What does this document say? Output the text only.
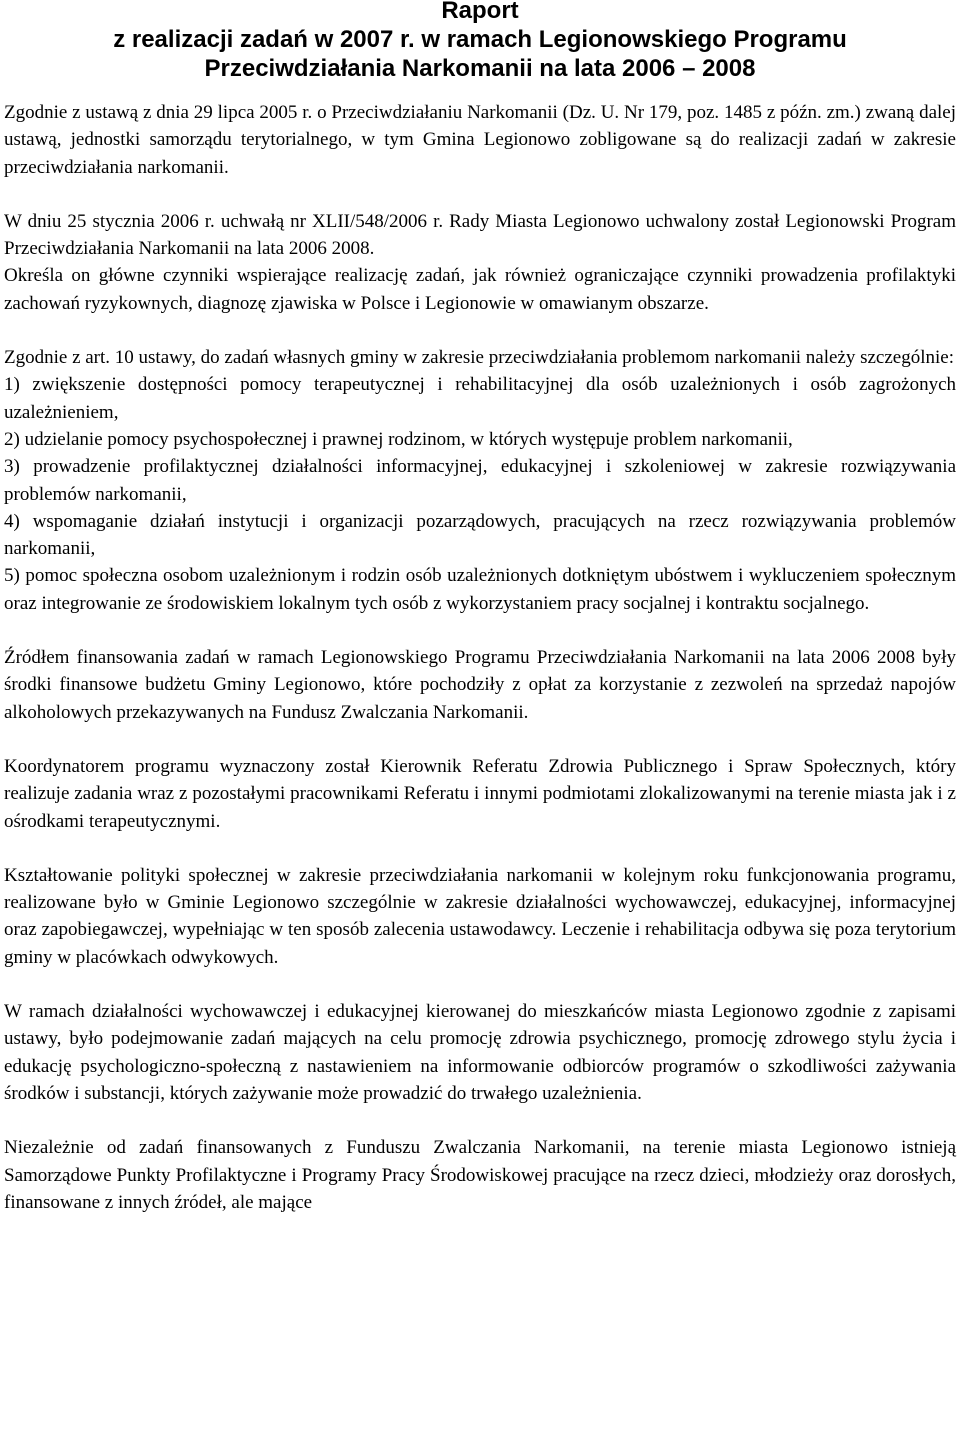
Raport
z realizacji zadań w 2007 r. w ramach Legionowskiego Programu
Przeciwdziałania Narkomanii na lata 2006 – 2008

Zgodnie z ustawą z dnia 29 lipca 2005 r. o Przeciwdziałaniu Narkomanii (Dz. U. Nr 179, poz. 1485 z późn. zm.) zwaną dalej ustawą, jednostki samorządu terytorialnego, w tym Gmina Legionowo zobligowane są do realizacji zadań w zakresie przeciwdziałania narkomanii.

W dniu 25 stycznia 2006 r. uchwałą nr XLII/548/2006 r. Rady Miasta Legionowo uchwalony został Legionowski Program Przeciwdziałania Narkomanii na lata 2006 2008.

Określa on główne czynniki wspierające realizację zadań, jak również ograniczające czynniki prowadzenia profilaktyki zachowań ryzykownych, diagnozę zjawiska w Polsce i Legionowie w omawianym obszarze.

Zgodnie z art. 10 ustawy, do zadań własnych gminy w zakresie przeciwdziałania problemom narkomanii należy szczególnie:
1) zwiększenie dostępności pomocy terapeutycznej i rehabilitacyjnej dla osób uzależnionych i osób zagrożonych uzależnieniem,
2) udzielanie pomocy psychospołecznej i prawnej rodzinom, w których występuje problem narkomanii,
3) prowadzenie profilaktycznej działalności informacyjnej, edukacyjnej i szkoleniowej w zakresie rozwiązywania problemów narkomanii,
4) wspomaganie działań instytucji i organizacji pozarządowych, pracujących na rzecz rozwiązywania problemów narkomanii,
5) pomoc społeczna osobom uzależnionym i rodzin osób uzależnionych dotkniętym ubóstwem i wykluczeniem społecznym oraz integrowanie ze środowiskiem lokalnym tych osób z wykorzystaniem pracy socjalnej i kontraktu socjalnego.

Źródłem finansowania zadań w ramach Legionowskiego Programu Przeciwdziałania Narkomanii na lata 2006 2008 były środki finansowe budżetu Gminy Legionowo, które pochodziły z opłat za korzystanie z zezwoleń na sprzedaż napojów alkoholowych przekazywanych na Fundusz Zwalczania Narkomanii.

Koordynatorem programu wyznaczony został Kierownik Referatu Zdrowia Publicznego i Spraw Społecznych, który realizuje zadania wraz z pozostałymi pracownikami Referatu i innymi podmiotami zlokalizowanymi na terenie miasta jak i z ośrodkami terapeutycznymi.

Kształtowanie polityki społecznej w zakresie przeciwdziałania narkomanii w kolejnym roku funkcjonowania programu, realizowane było w Gminie Legionowo szczególnie w zakresie działalności wychowawczej, edukacyjnej, informacyjnej oraz zapobiegawczej, wypełniając w ten sposób zalecenia ustawodawcy. Leczenie i rehabilitacja odbywa się poza terytorium gminy w placówkach odwykowych.

W ramach działalności wychowawczej i edukacyjnej kierowanej do mieszkańców miasta Legionowo zgodnie z zapisami ustawy, było podejmowanie zadań mających na celu promocję zdrowia psychicznego, promocję zdrowego stylu życia i edukację psychologiczno-społeczną z nastawieniem na informowanie odbiorców programów o szkodliwości zażywania środków i substancji, których zażywanie może prowadzić do trwałego uzależnienia.

Niezależnie od zadań finansowanych z Funduszu Zwalczania Narkomanii, na terenie miasta Legionowo istnieją Samorządowe Punkty Profilaktyczne i Programy Pracy Środowiskowej pracujące na rzecz dzieci, młodzieży oraz dorosłych, finansowane z innych źródeł, ale mające
